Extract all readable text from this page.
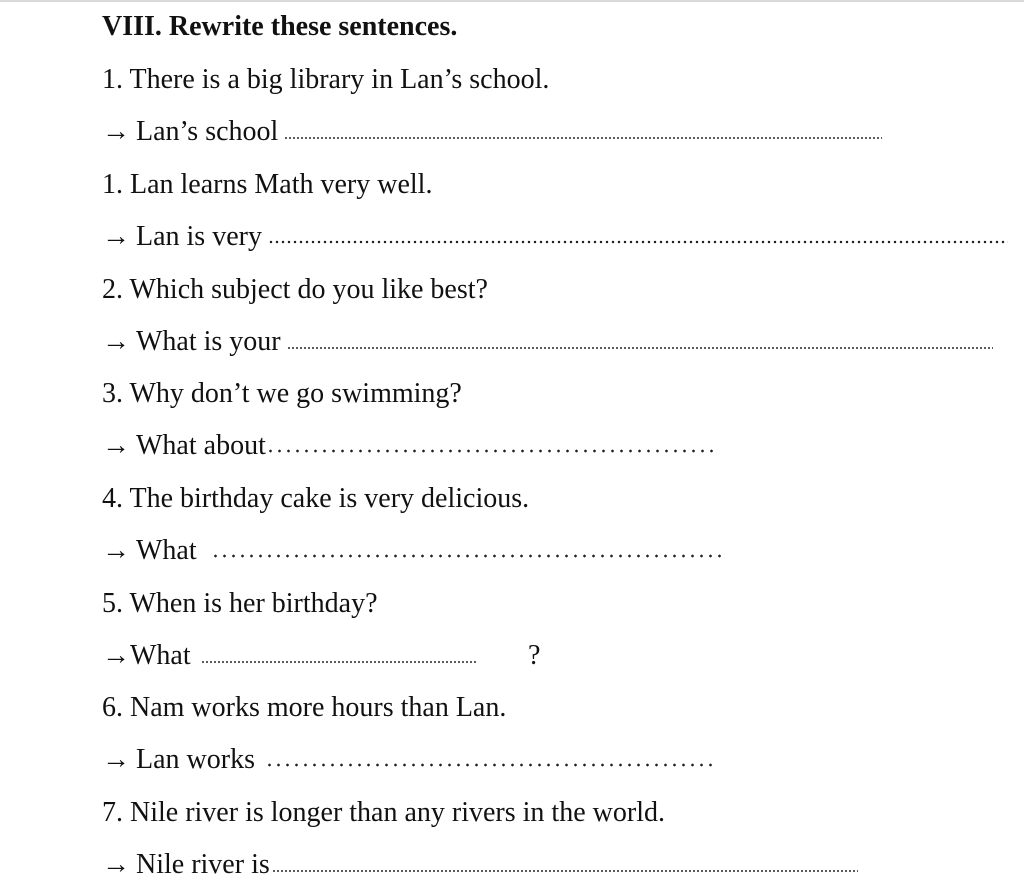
VIII. Rewrite these sentences.
1. There is a big library in Lan’s school.
→ Lan’s school
1. Lan learns Math very well.
→ Lan is very
2. Which subject do you like best?
→ What is your
3. Why don’t we go swimming?
→ What about
4. The birthday cake is very delicious.
→ What
5. When is her birthday?
→What	?
6. Nam works more hours than Lan.
→ Lan works
7. Nile river is longer than any rivers in the world.
→ Nile river is
